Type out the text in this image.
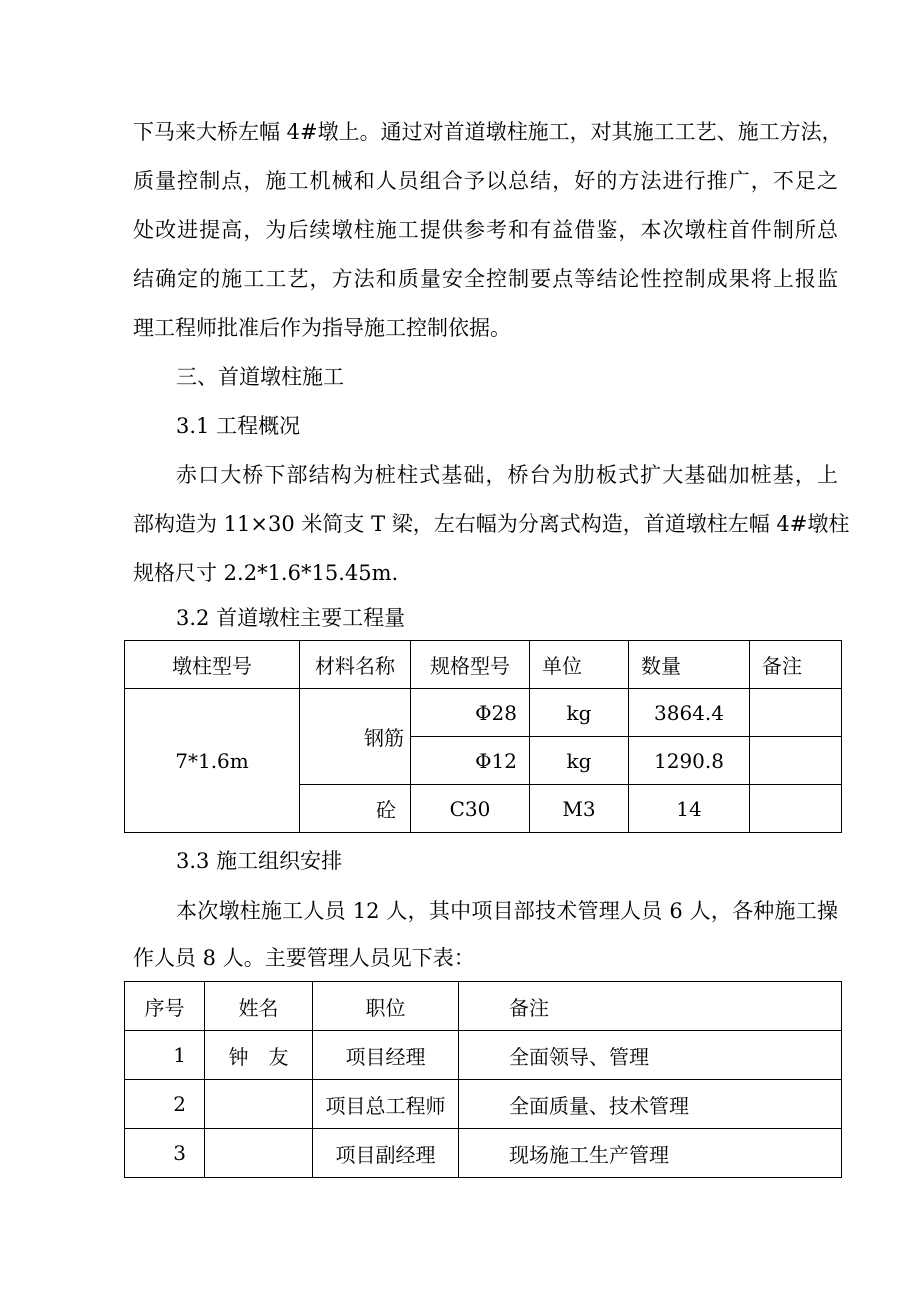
下马来大桥左幅 4#墩上。通过对首道墩柱施工，对其施工工艺、施工方法，
质量控制点，施工机械和人员组合予以总结，好的方法进行推广，不足之
处改进提高，为后续墩柱施工提供参考和有益借鉴，本次墩柱首件制所总
结确定的施工工艺，方法和质量安全控制要点等结论性控制成果将上报监
理工程师批准后作为指导施工控制依据。
三、首道墩柱施工
3.1 工程概况
赤口大桥下部结构为桩柱式基础，桥台为肋板式扩大基础加桩基，上
部构造为 11×30 米简支 T 梁，左右幅为分离式构造，首道墩柱左幅 4#墩柱
规格尺寸 2.2*1.6*15.45m.
3.2 首道墩柱主要工程量
墩柱型号	材料名称	规格型号	单位	数量	备注
7*1.6m	钢筋	Φ28	kg	3864.4	
		Φ12	kg	1290.8	
	砼	C30	M3	14	
3.3 施工组织安排
本次墩柱施工人员 12 人，其中项目部技术管理人员 6 人，各种施工操
作人员 8 人。主要管理人员见下表：
序号	姓名	职位	备注
1	钟　友	项目经理	全面领导、管理
2		项目总工程师	全面质量、技术管理
3		项目副经理	现场施工生产管理
